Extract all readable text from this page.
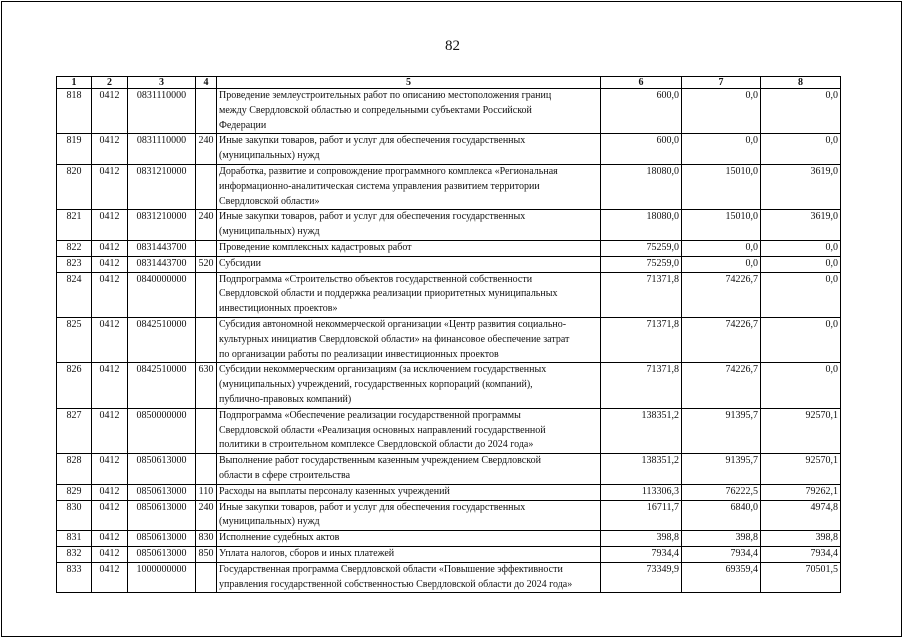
82
1	2	3	4	5	6	7	8
818	0412	0831110000		Проведение землеустроительных работ по описанию местоположения границ
между Свердловской областью и сопредельными субъектами Российской
Федерации	600,0	0,0	0,0
819	0412	0831110000	240	Иные закупки товаров, работ и услуг для обеспечения государственных
(муниципальных) нужд	600,0	0,0	0,0
820	0412	0831210000		Доработка, развитие и сопровождение программного комплекса «Региональная
информационно-аналитическая система управления развитием территории
Свердловской области»	18080,0	15010,0	3619,0
821	0412	0831210000	240	Иные закупки товаров, работ и услуг для обеспечения государственных
(муниципальных) нужд	18080,0	15010,0	3619,0
822	0412	0831443700		Проведение комплексных кадастровых работ	75259,0	0,0	0,0
823	0412	0831443700	520	Субсидии	75259,0	0,0	0,0
824	0412	0840000000		Подпрограмма «Строительство объектов государственной собственности
Свердловской области и поддержка реализации приоритетных муниципальных
инвестиционных проектов»	71371,8	74226,7	0,0
825	0412	0842510000		Субсидия автономной некоммерческой организации «Центр развития социально-
культурных инициатив Свердловской области» на финансовое обеспечение затрат
по организации работы по реализации инвестиционных проектов	71371,8	74226,7	0,0
826	0412	0842510000	630	Субсидии некоммерческим организациям (за исключением государственных
(муниципальных) учреждений, государственных корпораций (компаний),
публично-правовых компаний)	71371,8	74226,7	0,0
827	0412	0850000000		Подпрограмма «Обеспечение реализации государственной программы
Свердловской области «Реализация основных направлений государственной
политики в строительном комплексе Свердловской области до 2024 года»	138351,2	91395,7	92570,1
828	0412	0850613000		Выполнение работ государственным казенным учреждением Свердловской
области в сфере строительства	138351,2	91395,7	92570,1
829	0412	0850613000	110	Расходы на выплаты персоналу казенных учреждений	113306,3	76222,5	79262,1
830	0412	0850613000	240	Иные закупки товаров, работ и услуг для обеспечения государственных
(муниципальных) нужд	16711,7	6840,0	4974,8
831	0412	0850613000	830	Исполнение судебных актов	398,8	398,8	398,8
832	0412	0850613000	850	Уплата налогов, сборов и иных платежей	7934,4	7934,4	7934,4
833	0412	1000000000		Государственная программа Свердловской области «Повышение эффективности
управления государственной собственностью Свердловской области до 2024 года»	73349,9	69359,4	70501,5
